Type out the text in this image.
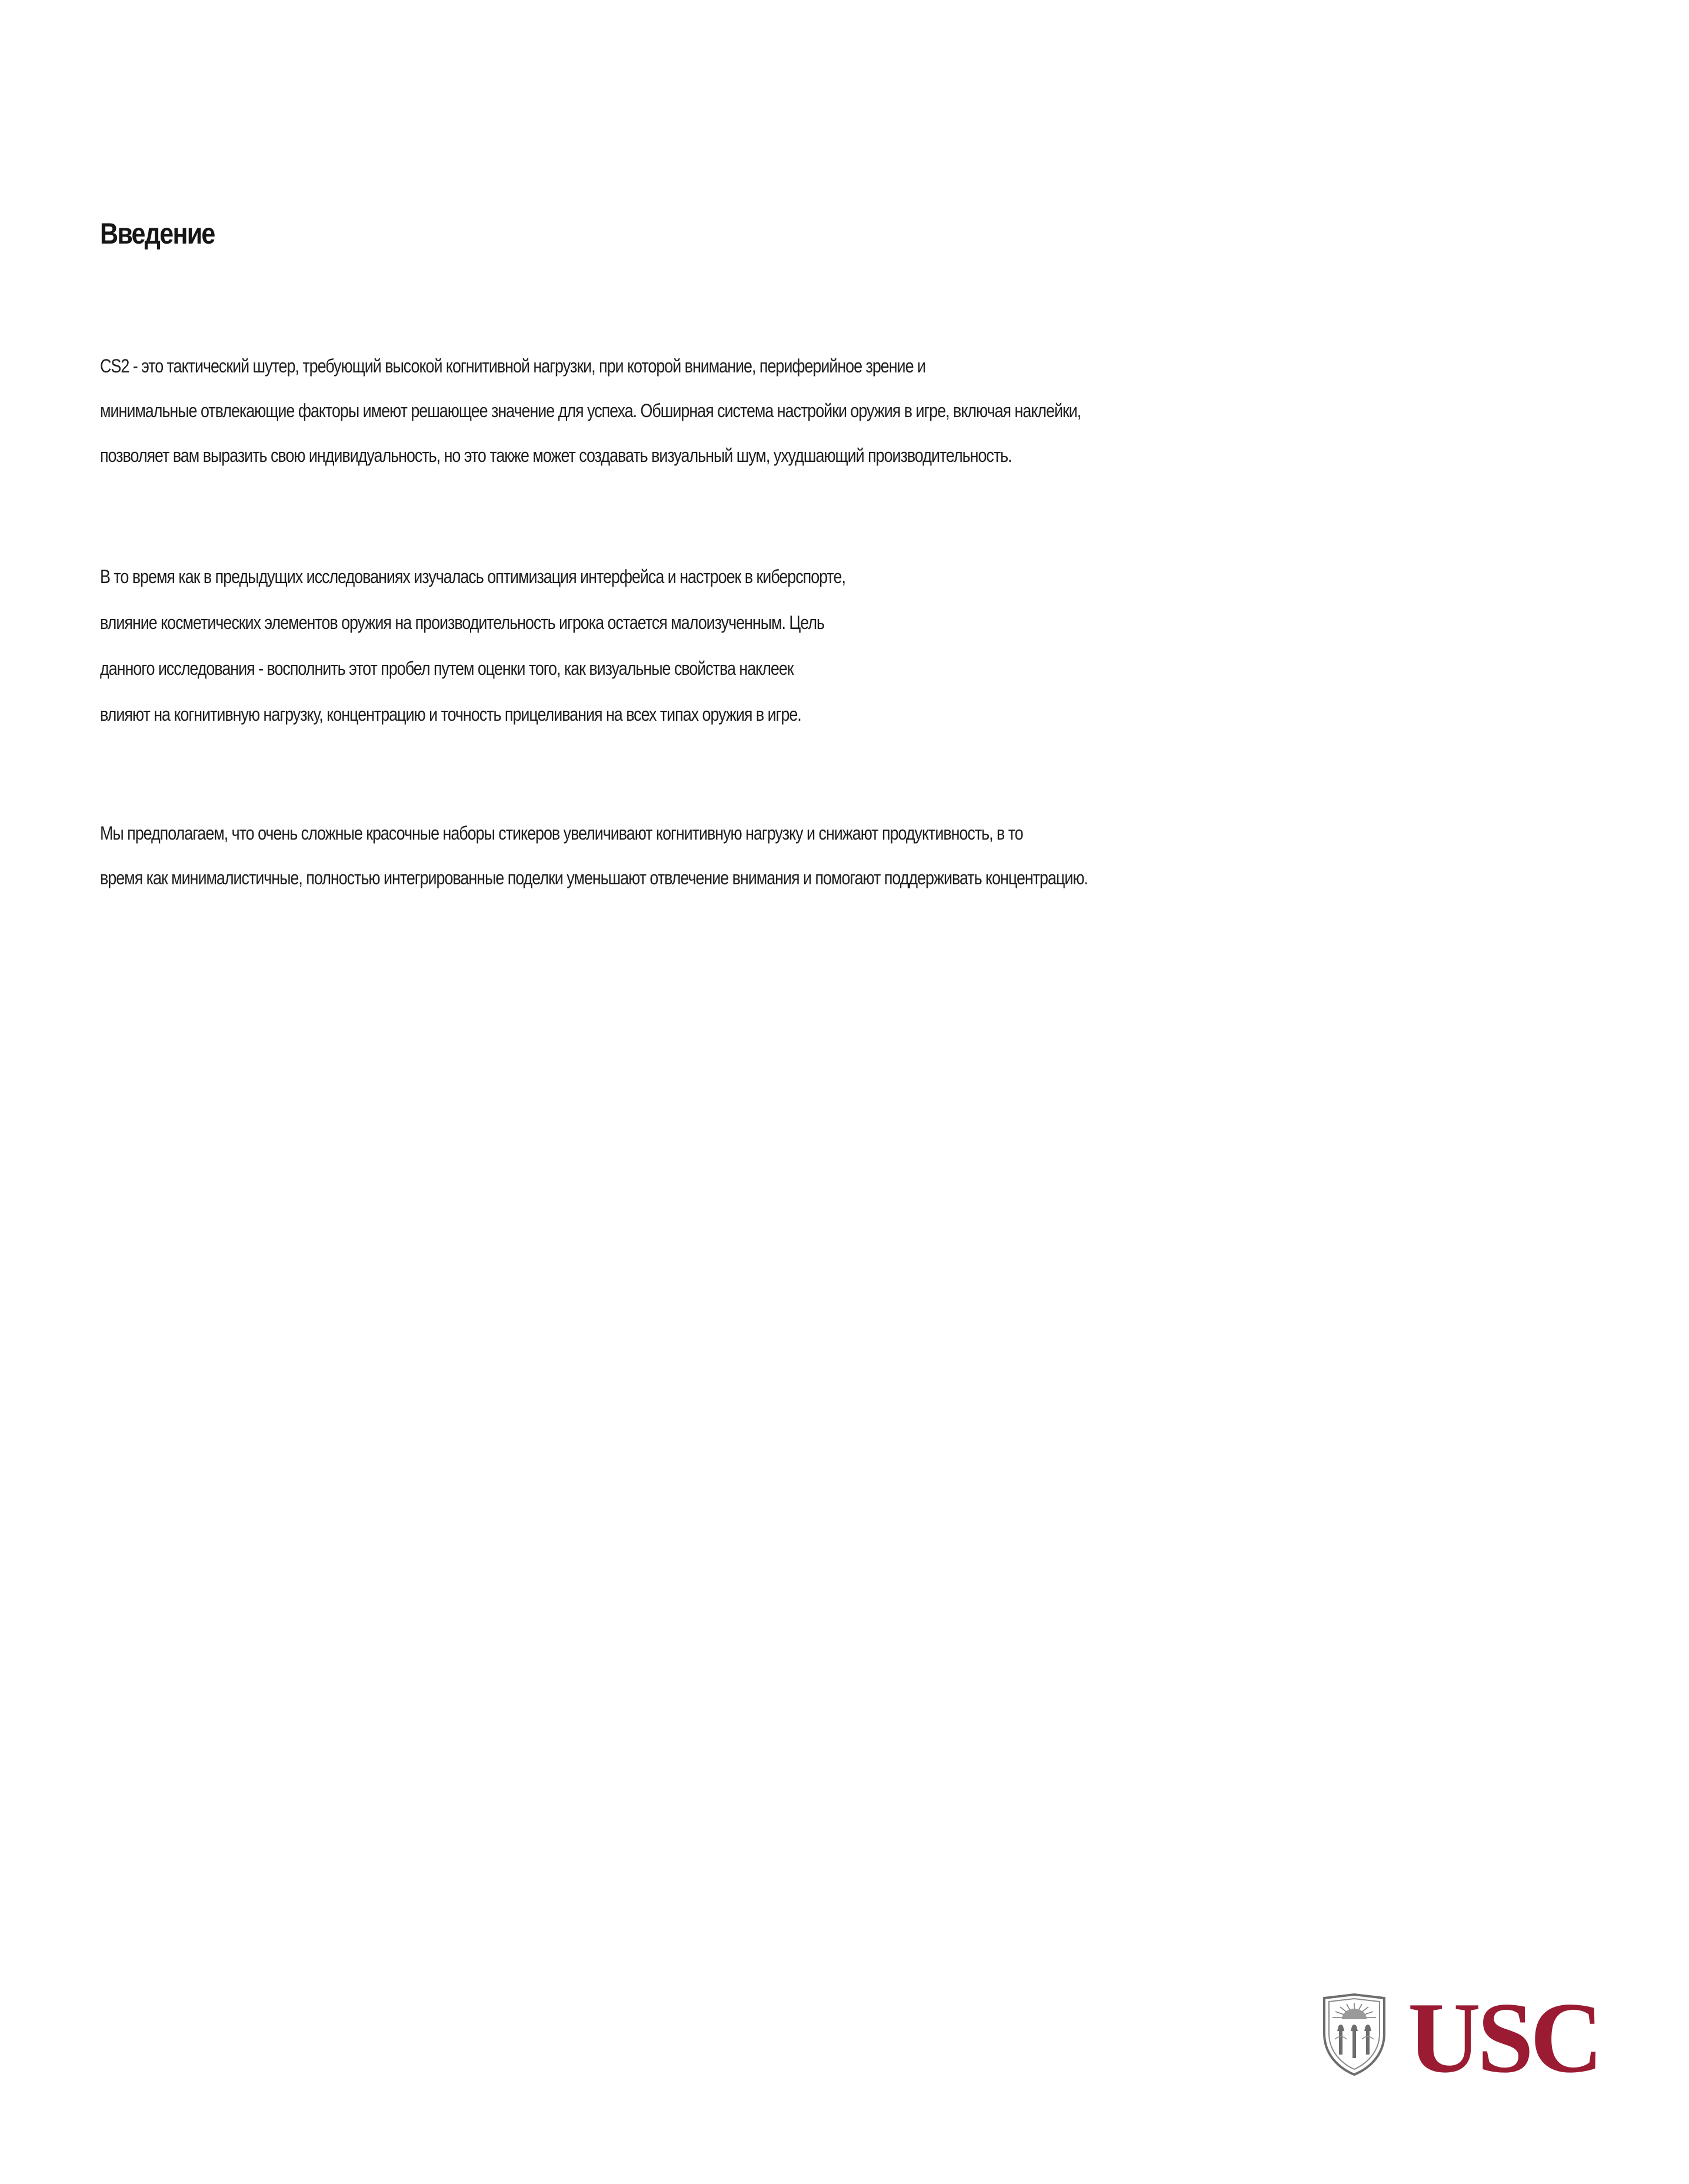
Введение

CS2 - это тактический шутер, требующий высокой когнитивной нагрузки, при которой внимание, периферийное зрение и

минимальные отвлекающие факторы имеют решающее значение для успеха. Обширная система настройки оружия в игре, включая наклейки,

позволяет вам выразить свою индивидуальность, но это также может создавать визуальный шум, ухудшающий производительность.

В то время как в предыдущих исследованиях изучалась оптимизация интерфейса и настроек в киберспорте,

влияние косметических элементов оружия на производительность игрока остается малоизученным. Цель

данного исследования - восполнить этот пробел путем оценки того, как визуальные свойства наклеек

влияют на когнитивную нагрузку, концентрацию и точность прицеливания на всех типах оружия в игре.

Мы предполагаем, что очень сложные красочные наборы стикеров увеличивают когнитивную нагрузку и снижают продуктивность, в то

время как минималистичные, полностью интегрированные поделки уменьшают отвлечение внимания и помогают поддерживать концентрацию.

USC
